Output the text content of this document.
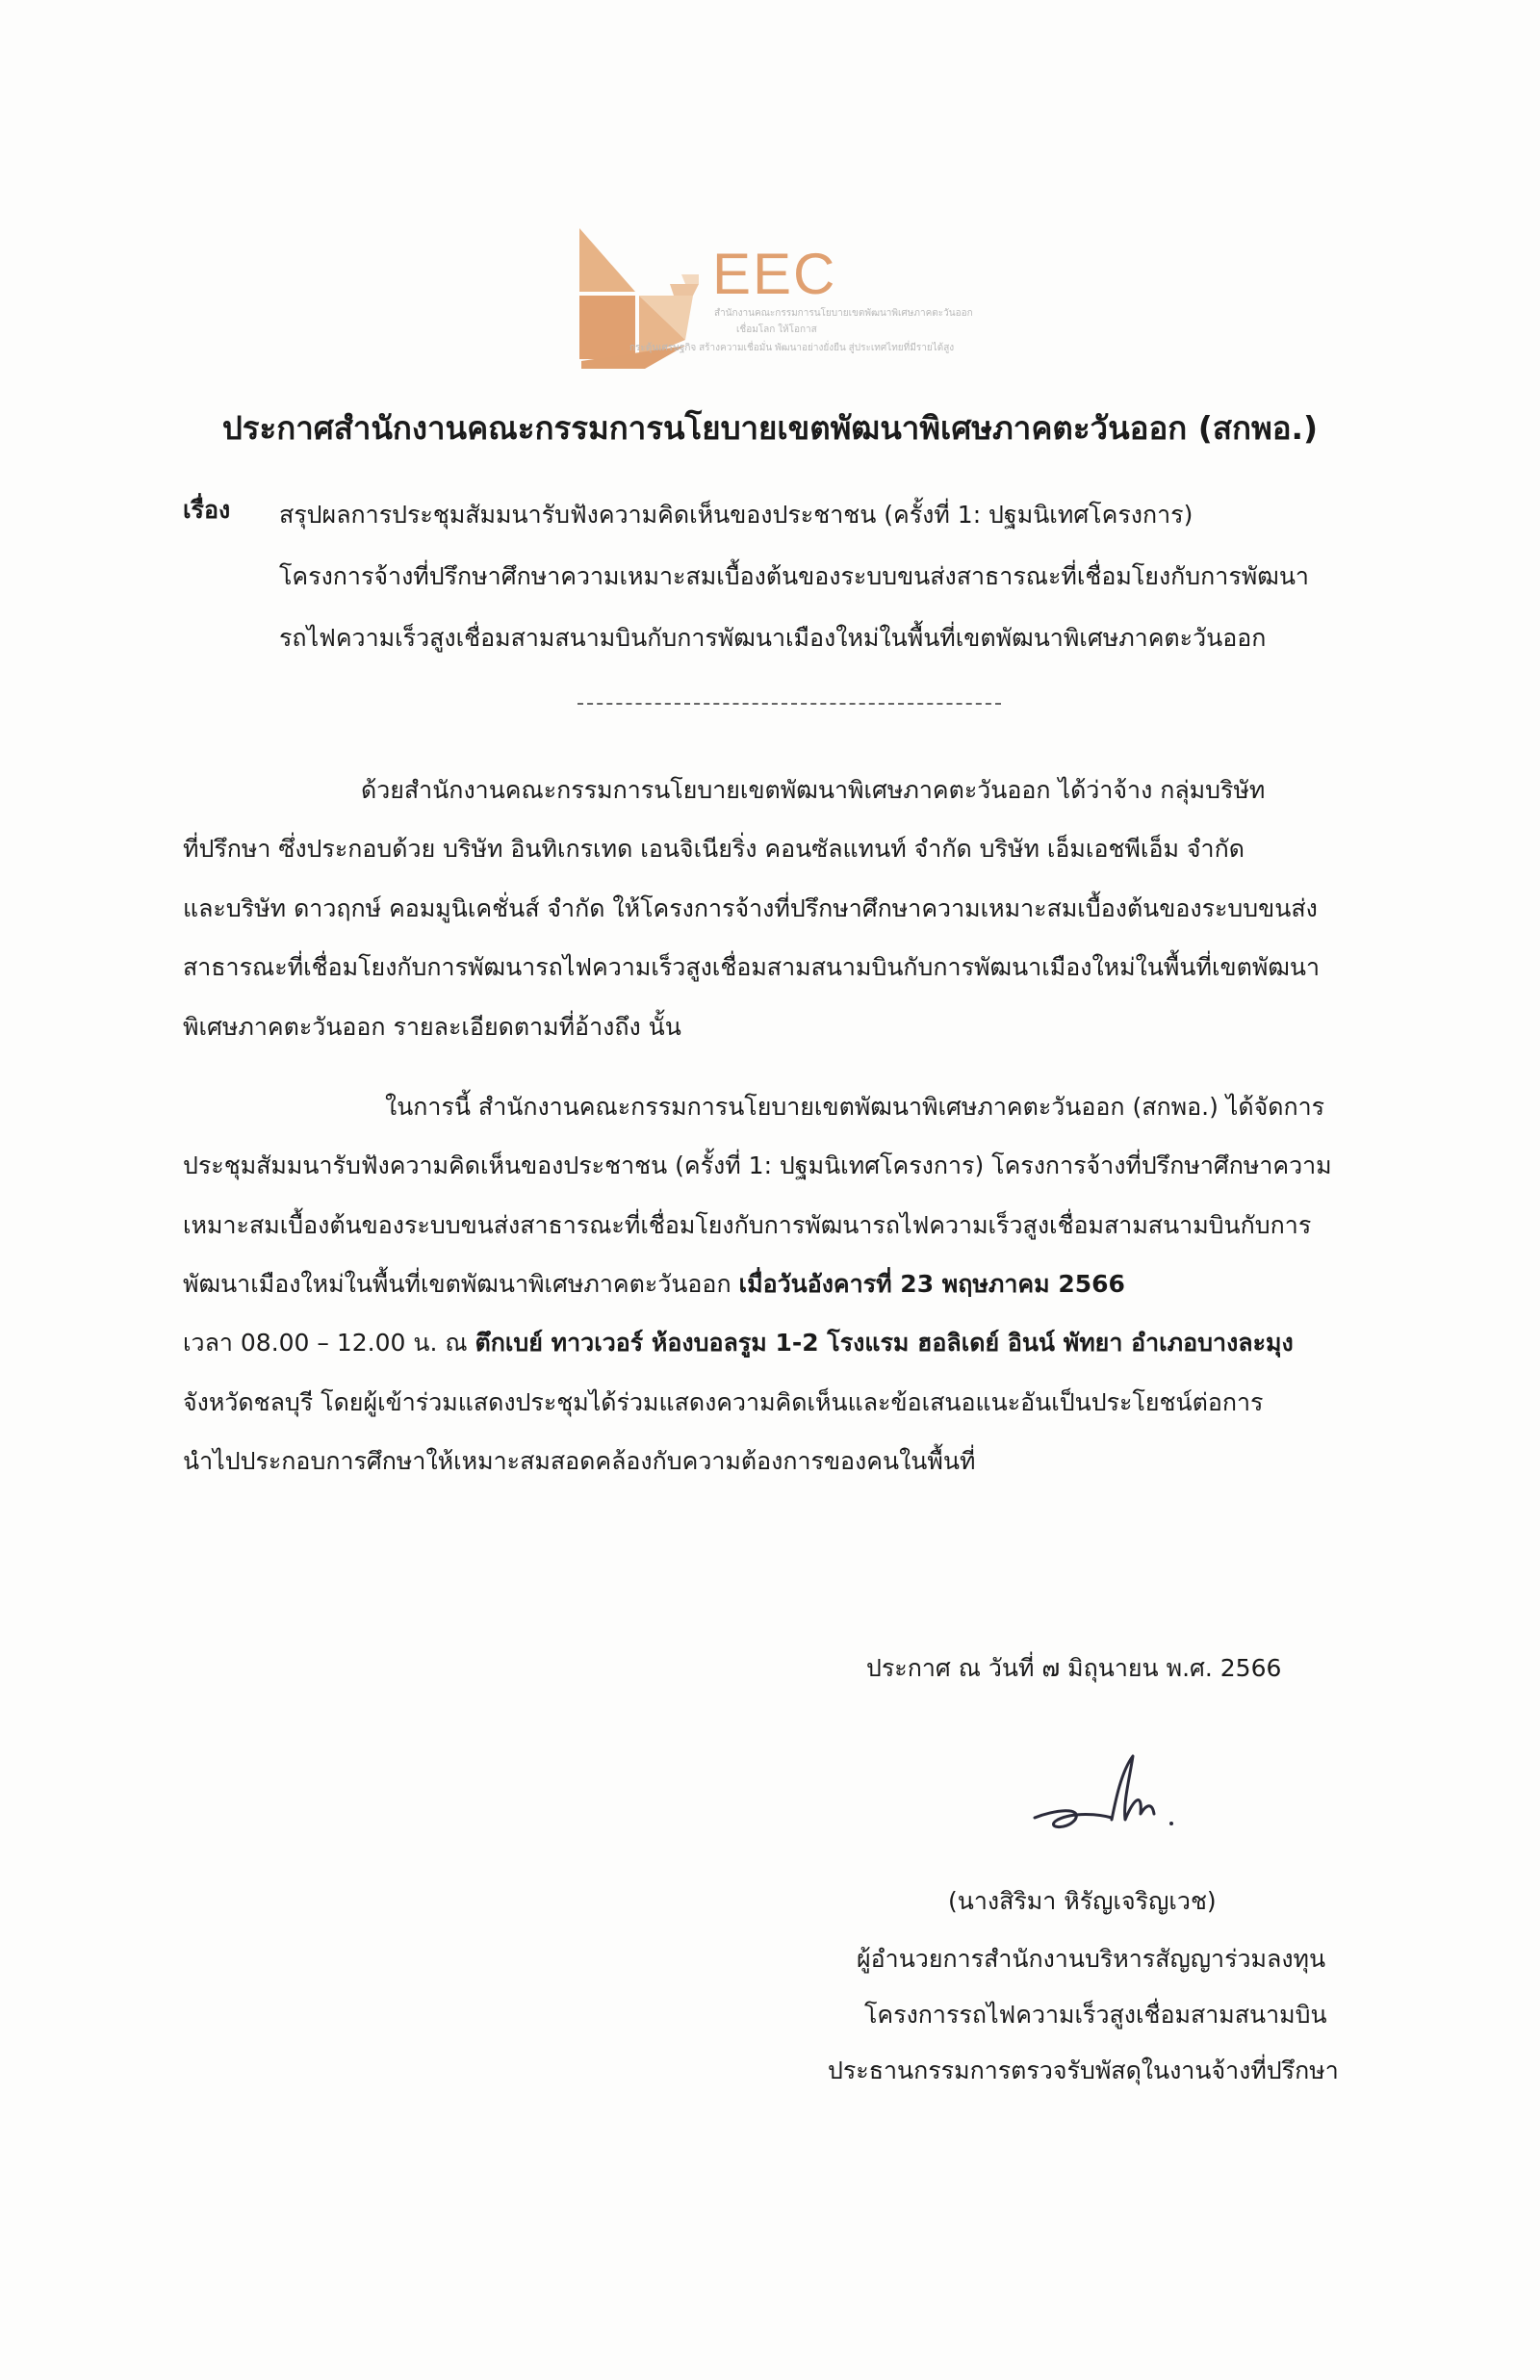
EEC
สำนักงานคณะกรรมการนโยบายเขตพัฒนาพิเศษภาคตะวันออก
เชื่อมโลก ให้โอกาส
กระตุ้นเศรษฐกิจ สร้างความเชื่อมั่น พัฒนาอย่างยั่งยืน สู่ประเทศไทยที่มีรายได้สูง
ประกาศสำนักงานคณะกรรมการนโยบายเขตพัฒนาพิเศษภาคตะวันออก (สกพอ.)
เรื่อง สรุปผลการประชุมสัมมนารับฟังความคิดเห็นของประชาชน (ครั้งที่ 1: ปฐมนิเทศโครงการ)
โครงการจ้างที่ปรึกษาศึกษาความเหมาะสมเบื้องต้นของระบบขนส่งสาธารณะที่เชื่อมโยงกับการพัฒนา
รถไฟความเร็วสูงเชื่อมสามสนามบินกับการพัฒนาเมืองใหม่ในพื้นที่เขตพัฒนาพิเศษภาคตะวันออก
ด้วยสำนักงานคณะกรรมการนโยบายเขตพัฒนาพิเศษภาคตะวันออก ได้ว่าจ้าง กลุ่มบริษัท
ที่ปรึกษา ซึ่งประกอบด้วย บริษัท อินทิเกรเทด เอนจิเนียริ่ง คอนซัลแทนท์ จำกัด บริษัท เอ็มเอชพีเอ็ม จำกัด
และบริษัท ดาวฤกษ์ คอมมูนิเคชั่นส์ จำกัด ให้โครงการจ้างที่ปรึกษาศึกษาความเหมาะสมเบื้องต้นของระบบขนส่ง
สาธารณะที่เชื่อมโยงกับการพัฒนารถไฟความเร็วสูงเชื่อมสามสนามบินกับการพัฒนาเมืองใหม่ในพื้นที่เขตพัฒนา
พิเศษภาคตะวันออก รายละเอียดตามที่อ้างถึง นั้น
ในการนี้ สำนักงานคณะกรรมการนโยบายเขตพัฒนาพิเศษภาคตะวันออก (สกพอ.) ได้จัดการ
ประชุมสัมมนารับฟังความคิดเห็นของประชาชน (ครั้งที่ 1: ปฐมนิเทศโครงการ) โครงการจ้างที่ปรึกษาศึกษาความ
เหมาะสมเบื้องต้นของระบบขนส่งสาธารณะที่เชื่อมโยงกับการพัฒนารถไฟความเร็วสูงเชื่อมสามสนามบินกับการ
พัฒนาเมืองใหม่ในพื้นที่เขตพัฒนาพิเศษภาคตะวันออก เมื่อวันอังคารที่ 23 พฤษภาคม 2566
เวลา 08.00 – 12.00 น. ณ ตึกเบย์ ทาวเวอร์ ห้องบอลรูม 1-2 โรงแรม ฮอลิเดย์ อินน์ พัทยา อำเภอบางละมุง
จังหวัดชลบุรี โดยผู้เข้าร่วมแสดงประชุมได้ร่วมแสดงความคิดเห็นและข้อเสนอแนะอันเป็นประโยชน์ต่อการ
นำไปประกอบการศึกษาให้เหมาะสมสอดคล้องกับความต้องการของคนในพื้นที่
ประกาศ ณ วันที่ ๗ มิถุนายน พ.ศ. 2566
(นางสิริมา หิรัญเจริญเวช)
ผู้อำนวยการสำนักงานบริหารสัญญาร่วมลงทุน
โครงการรถไฟความเร็วสูงเชื่อมสามสนามบิน
ประธานกรรมการตรวจรับพัสดุในงานจ้างที่ปรึกษา
